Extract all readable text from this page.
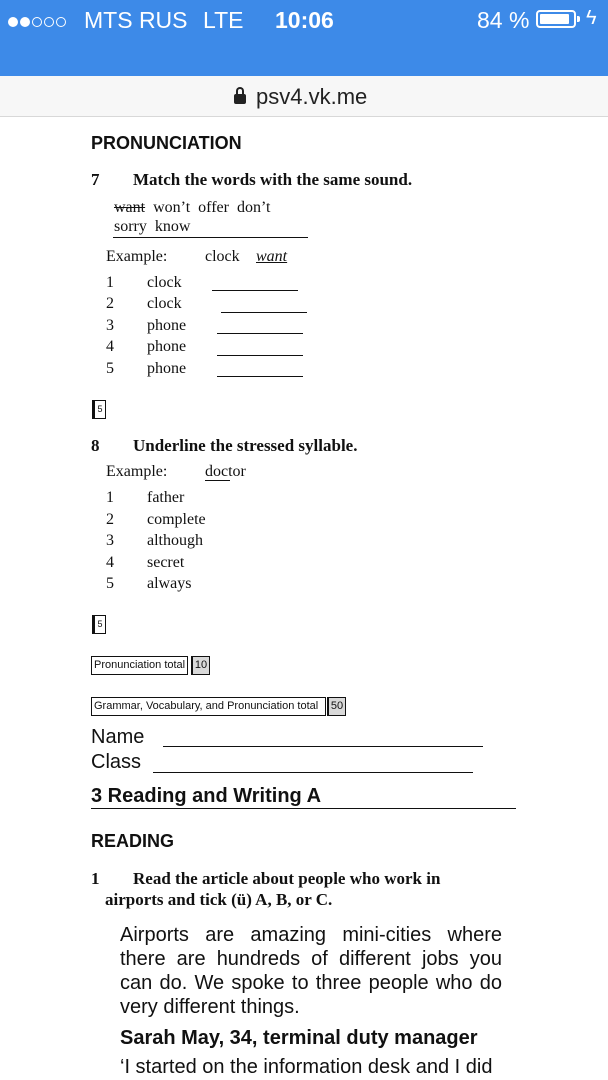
MTS RUS LTE 10:06	84 %	ϟ
psv4.vk.me
PRONUNCIATION
7 Match the words with the same sound.
want won’t offer don’t
sorry know
Example: clock want
1 clock
2 clock
3 phone
4 phone
5 phone
5
8 Underline the stressed syllable.
Example: doctor
1 father
2 complete
3 although
4 secret
5 always
5
Pronunciation total 10
Grammar, Vocabulary, and Pronunciation total	50
Name
Class
3 Reading and Writing A
READING
1 Read the article about people who work in
airports and tick (ü) A, B, or C.
Airports are amazing mini-cities where
there are hundreds of different jobs you
can do. We spoke to three people who do
very different things.
Sarah May, 34, terminal duty manager
‘I started on the information desk and I did
